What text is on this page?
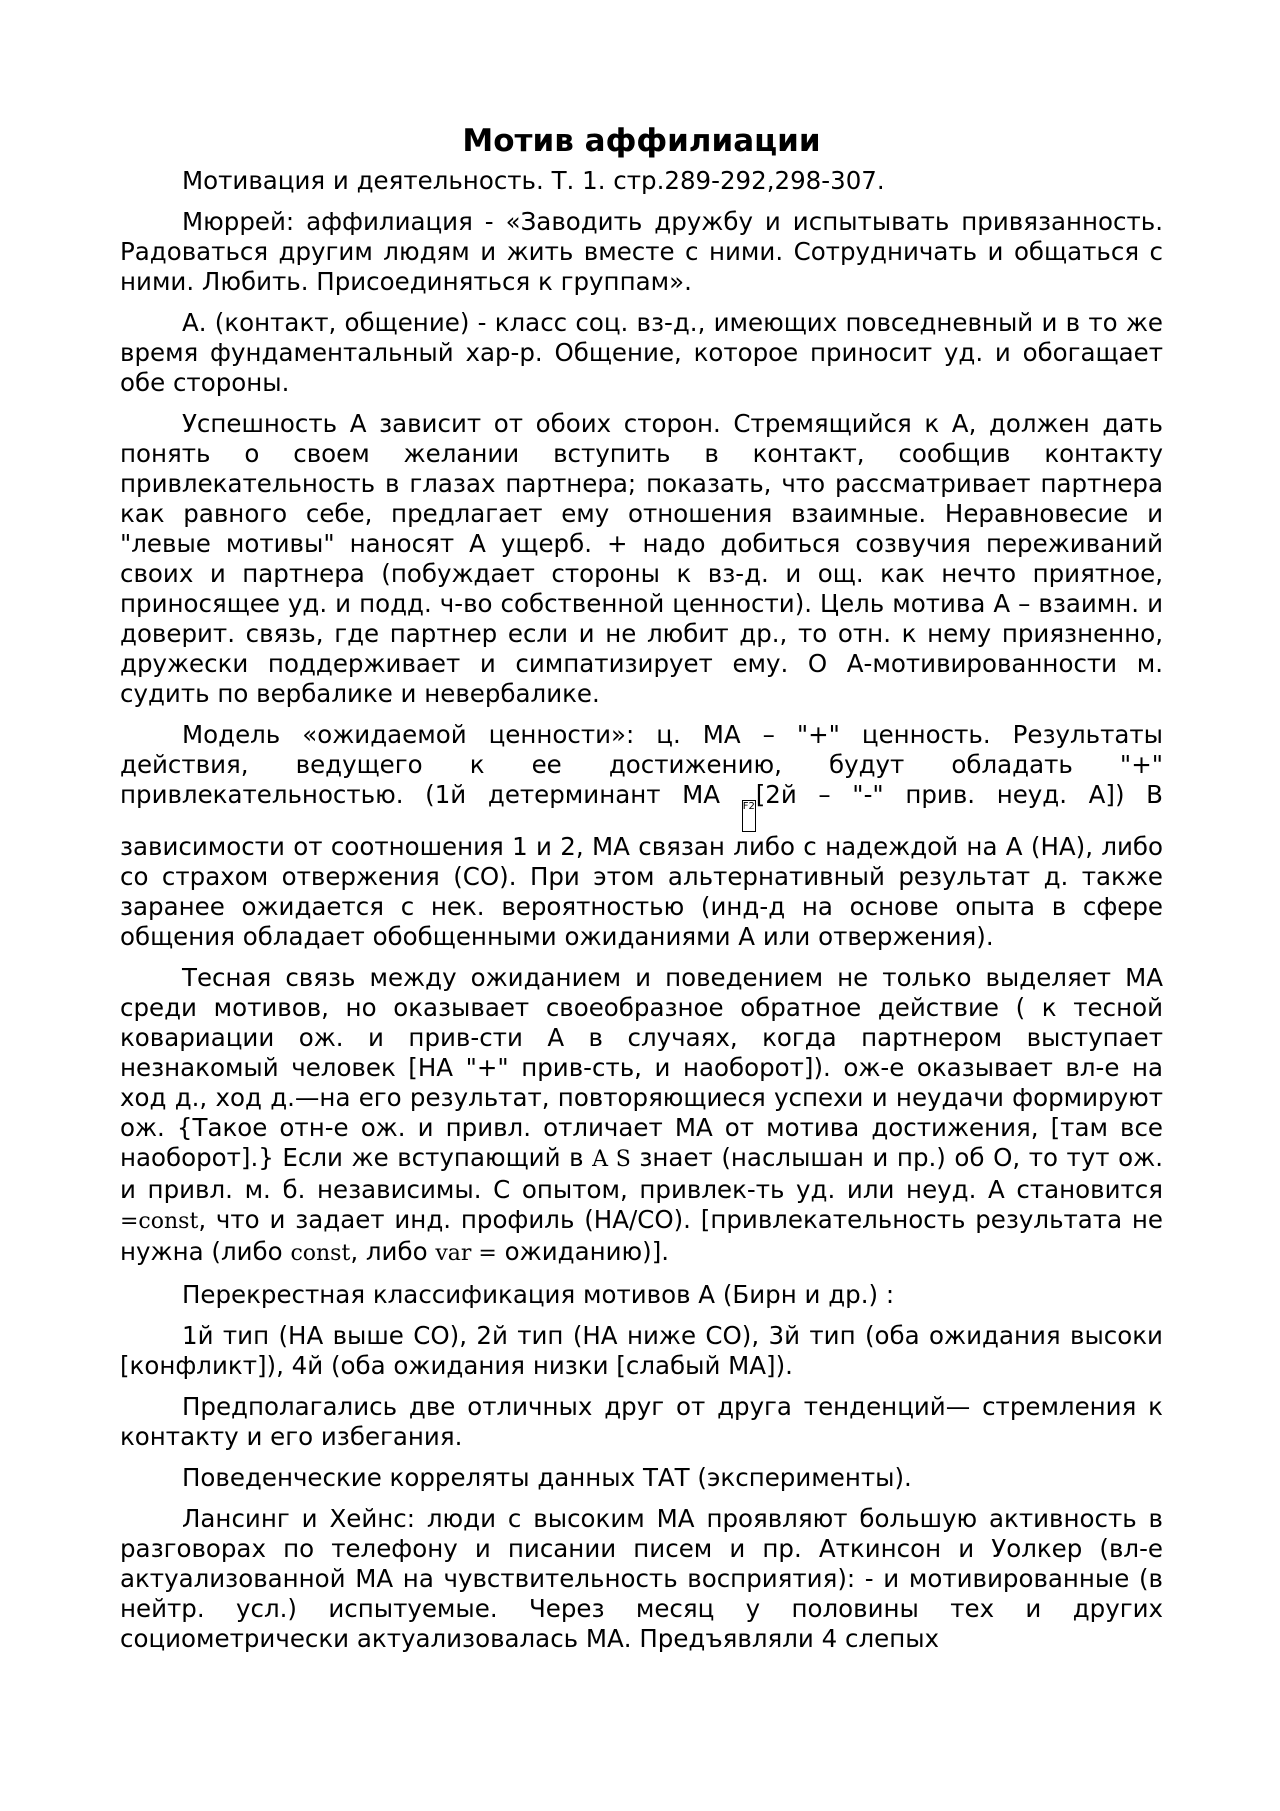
Мотив аффилиации

Мотивация и деятельность. Т. 1. стр.289-292,298-307.

Мюррей: аффилиация - «Заводить дружбу и испытывать привязанность. Радоваться другим людям и жить вместе с ними. Сотрудничать и общаться с ними. Любить. Присоединяться к группам».

А. (контакт, общение) - класс соц. вз-д., имеющих повседневный и в то же время фундаментальный хар-р. Общение, которое приносит уд. и обогащает обе стороны.

Успешность А зависит от обоих сторон. Стремящийся к А, должен дать понять о своем желании вступить в контакт, сообщив контакту привлекательность в глазах партнера; показать, что рассматривает партнера как равного себе, предлагает ему отношения взаимные. Неравновесие и "левые мотивы" наносят А ущерб. + надо добиться созвучия переживаний своих и партнера (побуждает стороны к вз-д. и ощ. как нечто приятное, приносящее уд. и подд. ч-во собственной ценности). Цель мотива А – взаимн. и доверит. связь, где партнер если и не любит др., то отн. к нему приязненно, дружески поддерживает и симпатизирует ему. О А-мотивированности м. судить по вербалике и невербалике.

Модель «ожидаемой ценности»: ц. МА – "+" ценность. Результаты действия, ведущего к ее достижению, будут обладать "+" привлекательностью. (1й детерминант МА F2[2й – "-" прив. неуд. А]) В зависимости от соотношения 1 и 2, МА связан либо с надеждой на А (НА), либо со страхом отвержения (СО). При этом альтернативный результат д. также заранее ожидается с нек. вероятностью (инд-д на основе опыта в сфере общения обладает обобщенными ожиданиями А или отвержения).

Тесная связь между ожиданием и поведением не только выделяет МА среди мотивов, но оказывает своеобразное обратное действие ( к тесной ковариации ож. и прив-сти А в случаях, когда партнером выступает незнакомый человек [НА "+" прив-сть, и наоборот]). ож-е оказывает вл-е на ход д., ход д.—на его результат, повторяющиеся успехи и неудачи формируют ож. {Такое отн-е ож. и привл. отличает МА от мотива достижения, [там все наоборот].} Если же вступающий в A S знает (наслышан и пр.) об О, то тут ож. и привл. м. б. независимы. С опытом, привлек-ть уд. или неуд. А становится =const, что и задает инд. профиль (НА/СО). [привлекательность результата не нужна (либо const, либо var = ожиданию)].

Перекрестная классификация мотивов А (Бирн и др.) :

1й тип (НА выше СО), 2й тип (НА ниже СО), 3й тип (оба ожидания высоки [конфликт]), 4й (оба ожидания низки [слабый МА]).

Предполагались две отличных друг от друга тенденций— стремления к контакту и его избегания.

Поведенческие корреляты данных ТАТ (эксперименты).

Лансинг и Хейнс: люди с высоким МА проявляют большую активность в разговорах по телефону и писании писем и пр. Аткинсон и Уолкер (вл-е актуализованной МА на чувствительность восприятия): - и мотивированные (в нейтр. усл.) испытуемые. Через месяц у половины тех и других социометрически актуализовалась МА. Предъявляли 4 слепых
